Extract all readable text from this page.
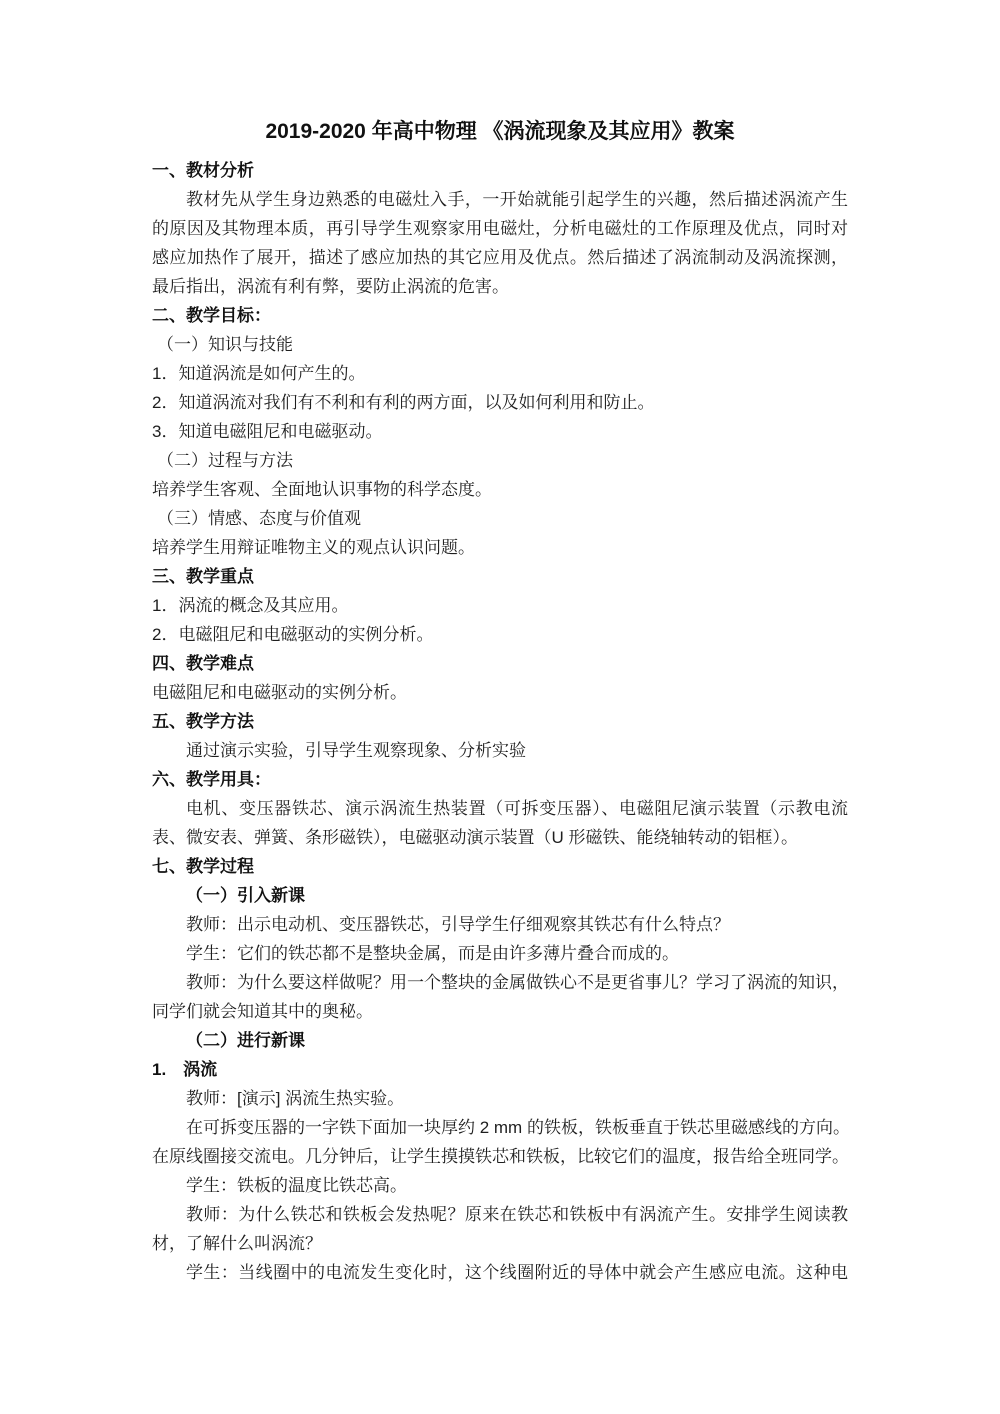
2019-2020 年高中物理 《涡流现象及其应用》教案
一、教材分析
教材先从学生身边熟悉的电磁灶入手，一开始就能引起学生的兴趣，然后描述涡流产生
的原因及其物理本质，再引导学生观察家用电磁灶，分析电磁灶的工作原理及优点，同时对
感应加热作了展开，描述了感应加热的其它应用及优点。然后描述了涡流制动及涡流探测，
最后指出，涡流有利有弊，要防止涡流的危害。
二、教学目标：
（一）知识与技能
1．知道涡流是如何产生的。
2．知道涡流对我们有不利和有利的两方面，以及如何利用和防止。
3．知道电磁阻尼和电磁驱动。
（二）过程与方法
培养学生客观、全面地认识事物的科学态度。
（三）情感、态度与价值观
培养学生用辩证唯物主义的观点认识问题。
三、教学重点
1．涡流的概念及其应用。
2．电磁阻尼和电磁驱动的实例分析。
四、教学难点
电磁阻尼和电磁驱动的实例分析。
五、教学方法
通过演示实验，引导学生观察现象、分析实验
六、教学用具：
电机、变压器铁芯、演示涡流生热装置（可拆变压器）、电磁阻尼演示装置（示教电流
表、微安表、弹簧、条形磁铁），电磁驱动演示装置（U 形磁铁、能绕轴转动的铝框）。
七、教学过程
（一）引入新课
教师：出示电动机、变压器铁芯，引导学生仔细观察其铁芯有什么特点？
学生：它们的铁芯都不是整块金属，而是由许多薄片叠合而成的。
教师：为什么要这样做呢？用一个整块的金属做铁心不是更省事儿？学习了涡流的知识，
同学们就会知道其中的奥秘。
（二）进行新课
1.　涡流
教师：[演示] 涡流生热实验。
在可拆变压器的一字铁下面加一块厚约 2 mm 的铁板，铁板垂直于铁芯里磁感线的方向。
在原线圈接交流电。几分钟后，让学生摸摸铁芯和铁板，比较它们的温度，报告给全班同学。
学生：铁板的温度比铁芯高。
教师：为什么铁芯和铁板会发热呢？原来在铁芯和铁板中有涡流产生。安排学生阅读教
材，了解什么叫涡流？
学生：当线圈中的电流发生变化时，这个线圈附近的导体中就会产生感应电流。这种电
